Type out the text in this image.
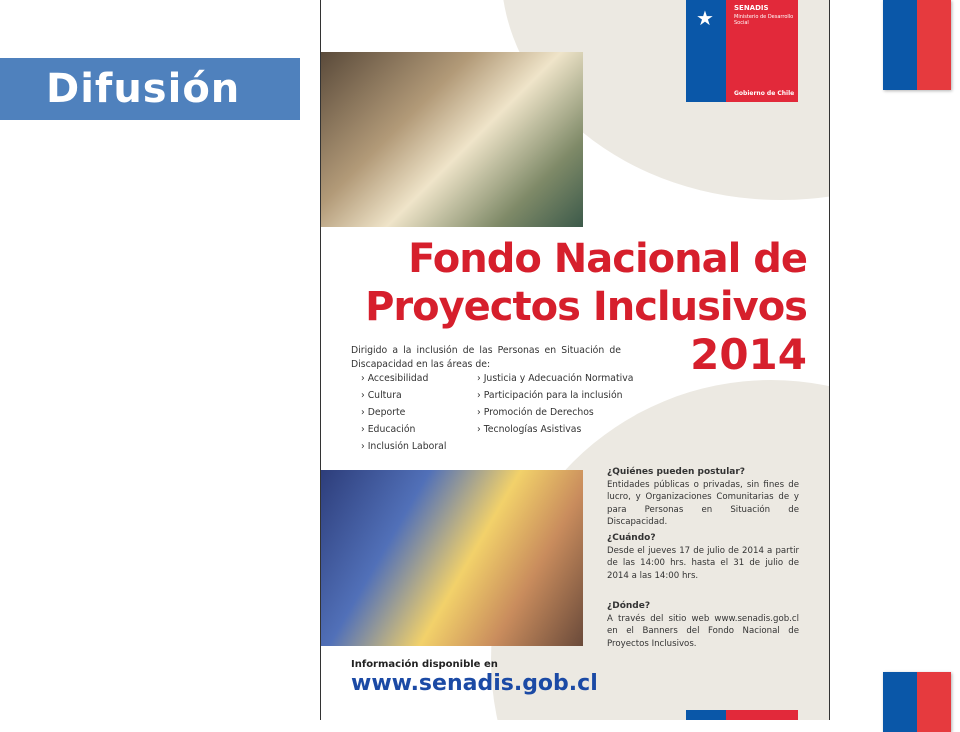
Difusión
★	SENADIS
Ministerio de Desarrollo Social
Gobierno de Chile
Fondo Nacional de
Proyectos Inclusivos
2014
Dirigido a la inclusión de las Personas en Situación de Discapacidad en las áreas de:
› Accesibilidad
› Cultura
› Deporte
› Educación
› Inclusión Laboral
› Justicia y Adecuación Normativa
› Participación para la inclusión
› Promoción de Derechos
› Tecnologías Asistivas
¿Quiénes pueden postular?
Entidades públicas o privadas, sin fines de lucro, y Organizaciones Comunitarias de y para Personas en Situación de Discapacidad.
¿Cuándo?
Desde el jueves 17 de julio de 2014 a partir de las 14:00 hrs. hasta el 31 de julio de 2014 a las 14:00 hrs.
¿Dónde?
A través del sitio web www.senadis.gob.cl en el Banners del Fondo Nacional de Proyectos Inclusivos.
Información disponible en
www.senadis.gob.cl
